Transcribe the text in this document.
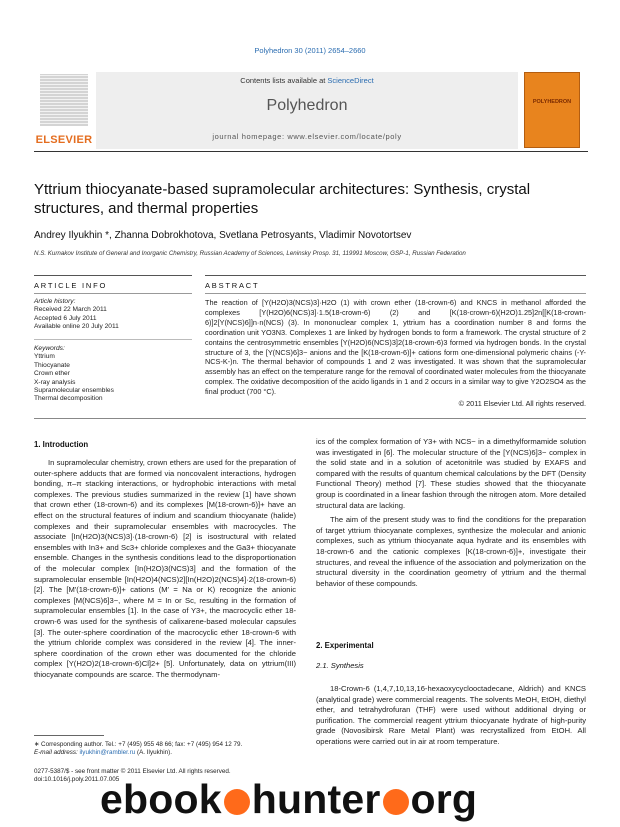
Polyhedron 30 (2011) 2654–2660
ELSEVIER
Contents lists available at ScienceDirect
Polyhedron
journal homepage: www.elsevier.com/locate/poly
POLYHEDRON
Yttrium thiocyanate-based supramolecular architectures: Synthesis, crystal structures, and thermal properties
Andrey Ilyukhin *, Zhanna Dobrokhotova, Svetlana Petrosyants, Vladimir Novotortsev
N.S. Kurnakov Institute of General and Inorganic Chemistry, Russian Academy of Sciences, Leninsky Prosp. 31, 119991 Moscow, GSP-1, Russian Federation
ARTICLE INFO	ABSTRACT
Article history:
Received 22 March 2011
Accepted 6 July 2011
Available online 20 July 2011
Keywords:
Yttrium
Thiocyanate
Crown ether
X-ray analysis
Supramolecular ensembles
Thermal decomposition
The reaction of [Y(H2O)3(NCS)3]·H2O (1) with crown ether (18-crown-6) and KNCS in methanol afforded the complexes [Y(H2O)6(NCS)3]·1.5(18-crown-6) (2) and [K(18-crown-6)(H2O)1.25]2n[[K(18-crown-6)]2[Y(NCS)6]]n·n(NCS) (3). In mononuclear complex 1, yttrium has a coordination number 8 and forms the coordination unit YO3N3. Complexes 1 are linked by hydrogen bonds to form a framework. The crystal structure of 2 contains the centrosymmetric ensembles [Y(H2O)6(NCS)3]2(18-crown-6)3 formed via hydrogen bonds. In the crystal structure of 3, the [Y(NCS)6]3− anions and the [K(18-crown-6)]+ cations form one-dimensional polymeric chains (-Y-NCS-K-)n. The thermal behavior of compounds 1 and 2 was investigated. It was shown that the supramolecular assembly has an effect on the temperature range for the removal of coordinated water molecules from the thiocyanate complex. The oxidative decomposition of the acido ligands in 1 and 2 occurs in a similar way to give Y2O2SO4 as the final product (700 °C).
© 2011 Elsevier Ltd. All rights reserved.
1. Introduction

In supramolecular chemistry, crown ethers are used for the preparation of outer-sphere adducts that are formed via noncovalent interactions, hydrogen bonding, π–π stacking interactions, or hydrophobic interactions with metal complexes. The previous studies summarized in the review [1] have shown that crown ether (18-crown-6) and its complexes [M(18-crown-6)]+ have an effect on the structural features of indium and scandium thiocyanate (halide) complexes and their supramolecular ensembles with macrocycles. The associate [In(H2O)3(NCS)3]·(18-crown-6) [2] is isostructural with related ensembles with In3+ and Sc3+ chloride complexes and the Ga3+ thiocyanate ensemble. Changes in the synthesis conditions lead to the disproportionation of the molecular complex [In(H2O)3(NCS)3] and the formation of the supramolecular ensemble [In(H2O)4(NCS)2][In(H2O)2(NCS)4]·2(18-crown-6) [2]. The [M′(18-crown-6)]+ cations (M′ = Na or K) recognize the anionic complexes [M(NCS)6]3−, where M = In or Sc, resulting in the formation of supramolecular ensembles [1]. In the case of Y3+, the macrocyclic ether 18-crown-6 was used for the synthesis of calixarene-based molecular capsules [3]. The outer-sphere coordination of the macrocyclic ether 18-crown-6 with the yttrium chloride complex was considered in the review [4]. The inner-sphere coordination of the crown ether was documented for the chloride complex [Y(H2O)2(18-crown-6)Cl]2+ [5]. Unfortunately, data on yttrium(III) thiocyanate compounds are scarce. The thermodynam-

ics of the complex formation of Y3+ with NCS− in a dimethylformamide solution was investigated in [6]. The molecular structure of the [Y(NCS)6]3− complex in the solid state and in a solution of acetonitrile was studied by EXAFS and compared with the results of quantum chemical calculations by the DFT (Density Functional Theory) method [7]. These studies showed that the thiocyanate group is coordinated in a linear fashion through the nitrogen atom. More detailed structural data are lacking.

The aim of the present study was to find the conditions for the preparation of target yttrium thiocyanate complexes, synthesize the molecular and anionic complexes, such as yttrium thiocyanate aqua hydrate and its ensembles with 18-crown-6 and the cationic complexes [K(18-crown-6)]+, investigate their structures, and reveal the influence of the association and polymerization on the structural diversity in the coordination geometry of yttrium and the thermal behavior of these compounds.

2. Experimental
2.1. Synthesis

18-Crown-6 (1,4,7,10,13,16-hexaoxycyclooctadecane, Aldrich) and KNCS (analytical grade) were commercial reagents. The solvents MeOH, EtOH, diethyl ether, and tetrahydrofuran (THF) were used without additional drying or purification. The commercial reagent yttrium thiocyanate hydrate of high-purity grade (Novosibirsk Rare Metal Plant) was recrystallized from EtOH. All operations were carried out in air at room temperature.

∗ Corresponding author. Tel.: +7 (495) 955 48 66; fax: +7 (495) 954 12 79.
E-mail address: ilyukhin@rambler.ru (A. Ilyukhin).
0277-5387/$ - see front matter © 2011 Elsevier Ltd. All rights reserved.
doi:10.1016/j.poly.2011.07.005
ebook hunter org
